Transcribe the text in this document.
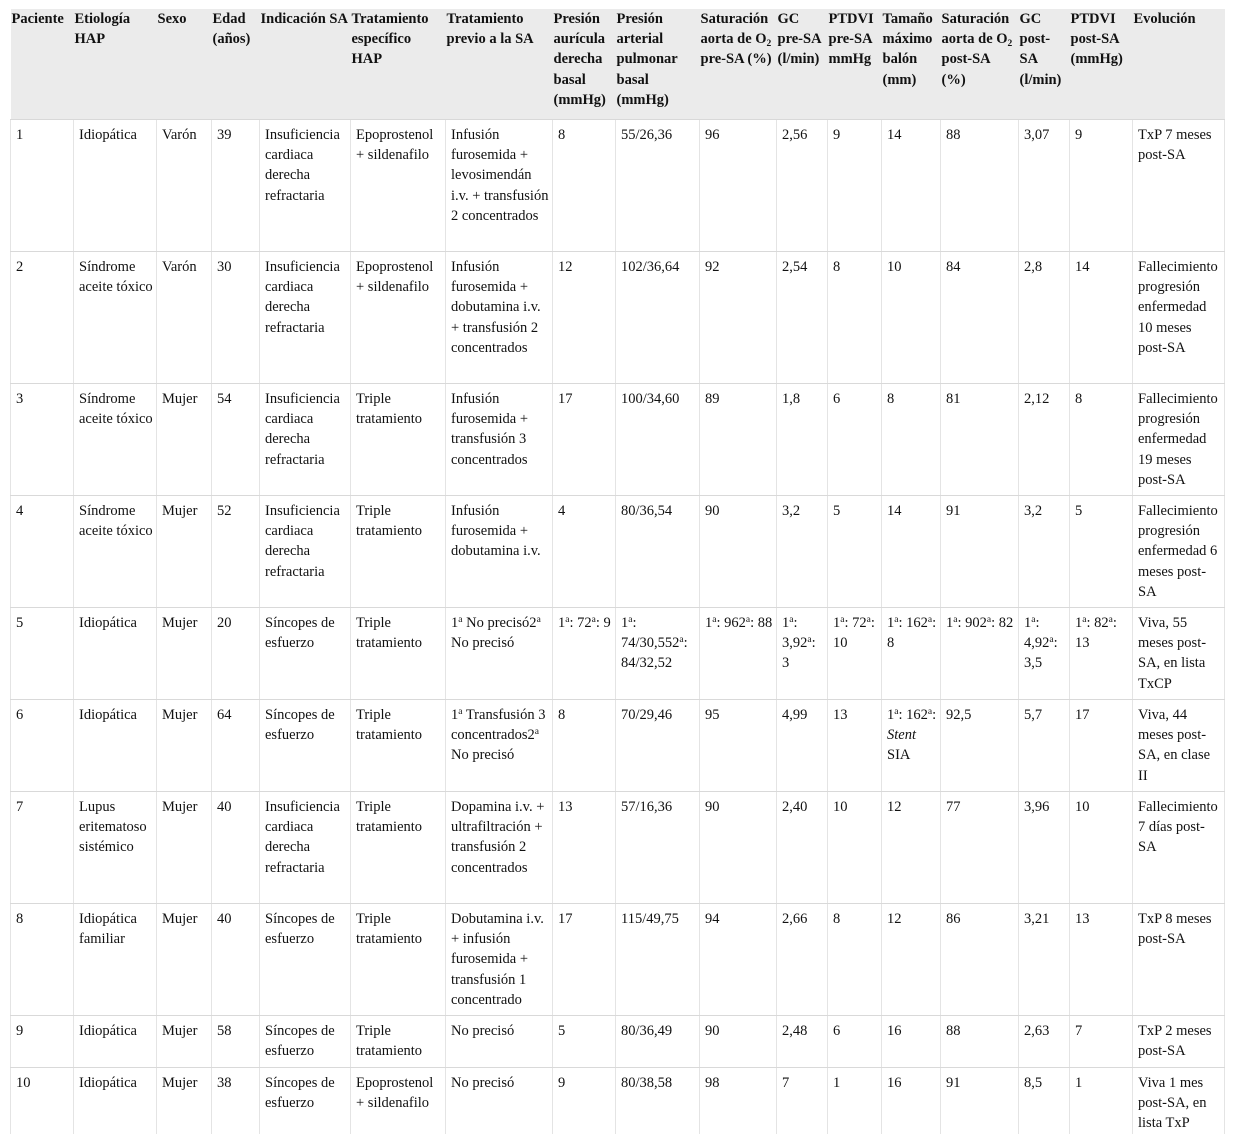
Paciente	Etiología HAP	Sexo	Edad (años)	Indicación SA	Tratamiento específico HAP	Tratamiento previo a la SA	Presión aurícula derecha basal (mmHg)	Presión arterial pulmonar basal (mmHg)	Saturación aorta de $O_2$ pre-SA (%)	GC pre-SA (l/min)	PTDVI pre-SA mmHg	Tamaño máximo balón (mm)	Saturación aorta de $O_2$ post-SA (%)	GC post-SA (l/min)	PTDVI post-SA (mmHg)	Evolución
1	Idiopática	Varón	39	Insuficiencia cardiaca derecha refractaria	Epoprostenol + sildenafilo	Infusión furosemida + levosimendán i.v. + transfusión 2 concentrados	8	55/26,36	96	2,56	9	14	88	3,07	9	TxP 7 meses post-SA
2	Síndrome aceite tóxico	Varón	30	Insuficiencia cardiaca derecha refractaria	Epoprostenol + sildenafilo	Infusión furosemida + dobutamina i.v. + transfusión 2 concentrados	12	102/36,64	92	2,54	8	10	84	2,8	14	Fallecimiento progresión enfermedad 10 meses post-SA
3	Síndrome aceite tóxico	Mujer	54	Insuficiencia cardiaca derecha refractaria	Triple tratamiento	Infusión furosemida + transfusión 3 concentrados	17	100/34,60	89	1,8	6	8	81	2,12	8	Fallecimiento progresión enfermedad 19 meses post-SA
4	Síndrome aceite tóxico	Mujer	52	Insuficiencia cardiaca derecha refractaria	Triple tratamiento	Infusión furosemida + dobutamina i.v.	4	80/36,54	90	3,2	5	14	91	3,2	5	Fallecimiento progresión enfermedad 6 meses post-SA
5	Idiopática	Mujer	20	Síncopes de esfuerzo	Triple tratamiento	1$^a$ No precisó2$^a$ No precisó	1$^a$: 72$^a$: 9	1$^a$: 74/30,552$^a$: 84/32,52	1$^a$: 962$^a$: 88	1$^a$: 3,92$^a$: 3	1$^a$: 72$^a$: 10	1$^a$: 162$^a$: 8	1$^a$: 902$^a$: 82	1$^a$: 4,92$^a$: 3,5	1$^a$: 82$^a$: 13	Viva, 55 meses post-SA, en lista TxCP
6	Idiopática	Mujer	64	Síncopes de esfuerzo	Triple tratamiento	1$^a$ Transfusión 3 concentrados2$^a$ No precisó	8	70/29,46	95	4,99	13	1$^a$: 162$^a$: Stent SIA	92,5	5,7	17	Viva, 44 meses post-SA, en clase II
7	Lupus eritematoso sistémico	Mujer	40	Insuficiencia cardiaca derecha refractaria	Triple tratamiento	Dopamina i.v. + ultrafiltración + transfusión 2 concentrados	13	57/16,36	90	2,40	10	12	77	3,96	10	Fallecimiento 7 días post-SA
8	Idiopática familiar	Mujer	40	Síncopes de esfuerzo	Triple tratamiento	Dobutamina i.v. + infusión furosemida + transfusión 1 concentrado	17	115/49,75	94	2,66	8	12	86	3,21	13	TxP 8 meses post-SA
9	Idiopática	Mujer	58	Síncopes de esfuerzo	Triple tratamiento	No precisó	5	80/36,49	90	2,48	6	16	88	2,63	7	TxP 2 meses post-SA
10	Idiopática	Mujer	38	Síncopes de esfuerzo	Epoprostenol + sildenafilo	No precisó	9	80/38,58	98	7	1	16	91	8,5	1	Viva 1 mes post-SA, en lista TxP
